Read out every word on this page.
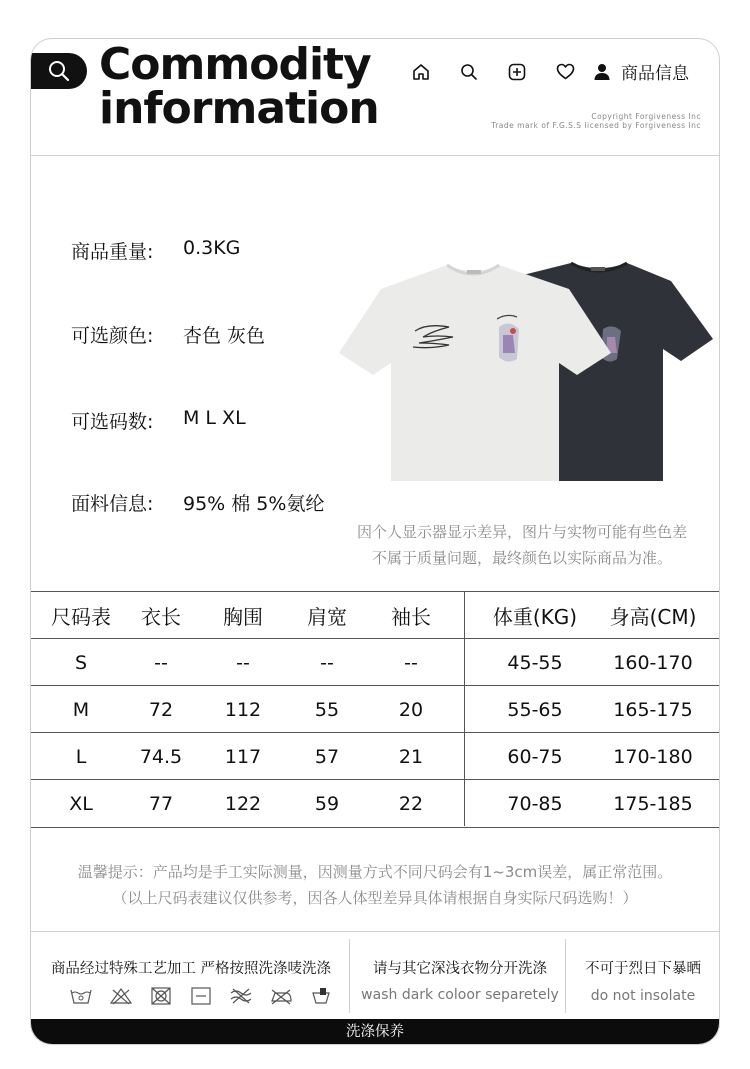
Commodity
information
商品信息
Copyright Forgiveness Inc
Trade mark of F.G.S.S licensed by Forgiveness Inc
商品重量:	0.3KG
可选颜色:	杏色 灰色
可选码数:	M L XL
面料信息:	95% 棉 5%氨纶
因个人显示器显示差异，图片与实物可能有些色差
不属于质量问题，最终颜色以实际商品为准。
尺码表	衣长	胸围	肩宽	袖长	体重(KG)	身高(CM)
S	--	--	--	--	45-55	160-170
M	72	112	55	20	55-65	165-175
L	74.5	117	57	21	60-75	170-180
XL	77	122	59	22	70-85	175-185
温馨提示：产品均是手工实际测量，因测量方式不同尺码会有1~3cm误差，属正常范围。
（以上尺码表建议仅供参考，因各人体型差异具体请根据自身实际尺码选购！）
商品经过特殊工艺加工 严格按照洗涤唛洗涤	请与其它深浅衣物分开洗涤
wash dark coloor separetely
不可于烈日下暴晒
do not insolate
洗涤保养
